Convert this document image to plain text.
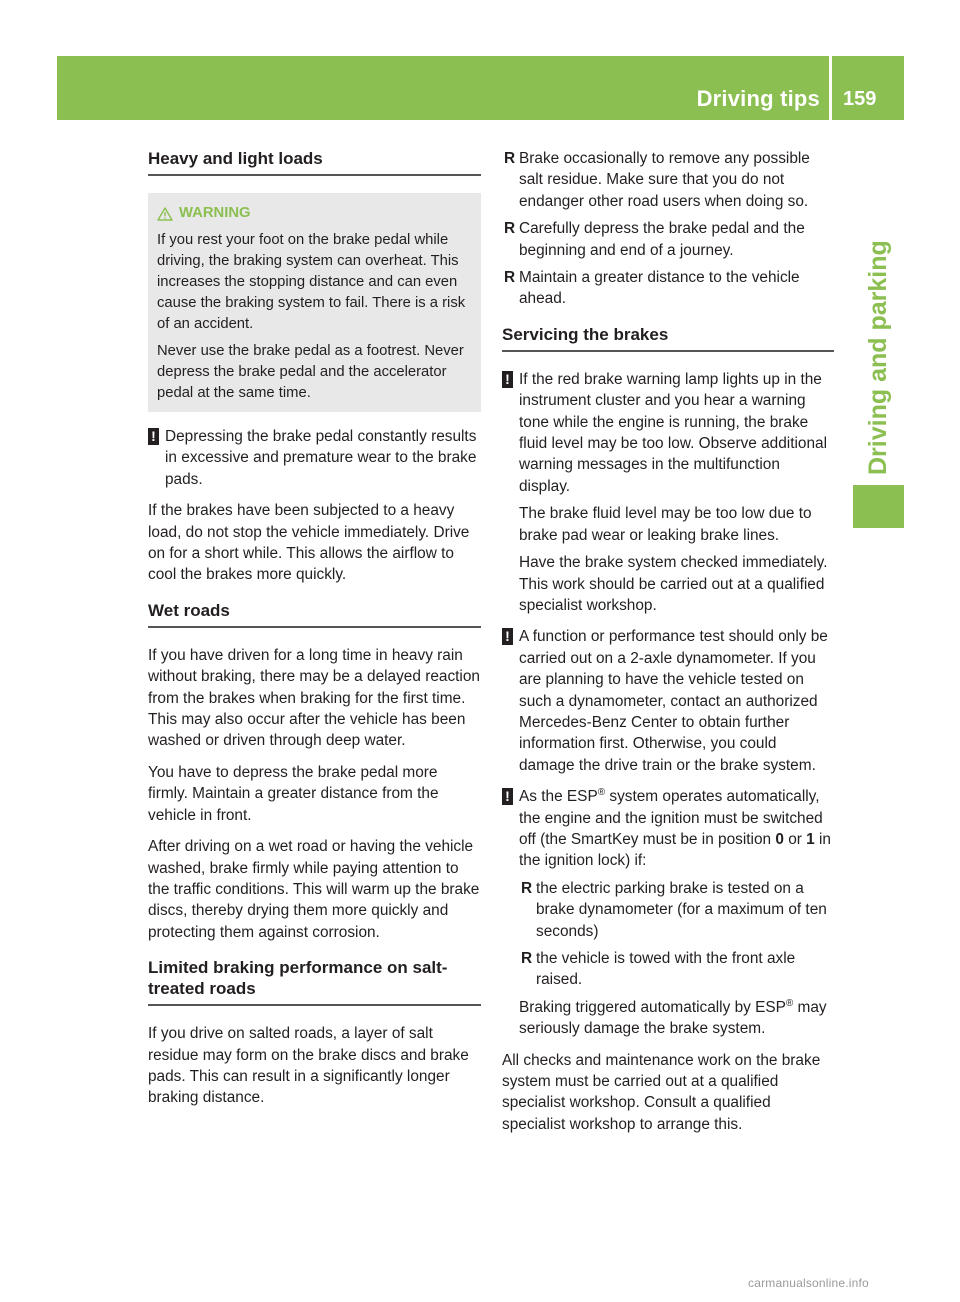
Driving tips 159
Driving and parking
Heavy and light loads
WARNING

If you rest your foot on the brake pedal while driving, the braking system can overheat. This increases the stopping distance and can even cause the braking system to fail. There is a risk of an accident.

Never use the brake pedal as a footrest. Never depress the brake pedal and the accelerator pedal at the same time.

! Depressing the brake pedal constantly results in excessive and premature wear to the brake pads.

If the brakes have been subjected to a heavy load, do not stop the vehicle immediately. Drive on for a short while. This allows the airflow to cool the brakes more quickly.

Wet roads

If you have driven for a long time in heavy rain without braking, there may be a delayed reaction from the brakes when braking for the first time. This may also occur after the vehicle has been washed or driven through deep water.

You have to depress the brake pedal more firmly. Maintain a greater distance from the vehicle in front.

After driving on a wet road or having the vehicle washed, brake firmly while paying attention to the traffic conditions. This will warm up the brake discs, thereby drying them more quickly and protecting them against corrosion.

Limited braking performance on salt-treated roads

If you drive on salted roads, a layer of salt residue may form on the brake discs and brake pads. This can result in a significantly longer braking distance.

R Brake occasionally to remove any possible salt residue. Make sure that you do not endanger other road users when doing so.
R Carefully depress the brake pedal and the beginning and end of a journey.
R Maintain a greater distance to the vehicle ahead.
Servicing the brakes
! If the red brake warning lamp lights up in the instrument cluster and you hear a warning tone while the engine is running, the brake fluid level may be too low. Observe additional warning messages in the multifunction display.

The brake fluid level may be too low due to brake pad wear or leaking brake lines.

Have the brake system checked immediately. This work should be carried out at a qualified specialist workshop.

! A function or performance test should only be carried out on a 2-axle dynamometer. If you are planning to have the vehicle tested on such a dynamometer, contact an authorized Mercedes-Benz Center to obtain further information first. Otherwise, you could damage the drive train or the brake system.
! As the ESP® system operates automatically, the engine and the ignition must be switched off (the SmartKey must be in position 0 or 1 in the ignition lock) if:

R the electric parking brake is tested on a brake dynamometer (for a maximum of ten seconds)
R the vehicle is towed with the front axle raised.

Braking triggered automatically by ESP® may seriously damage the brake system.

All checks and maintenance work on the brake system must be carried out at a qualified specialist workshop. Consult a qualified specialist workshop to arrange this.

carmanualsonline.info
